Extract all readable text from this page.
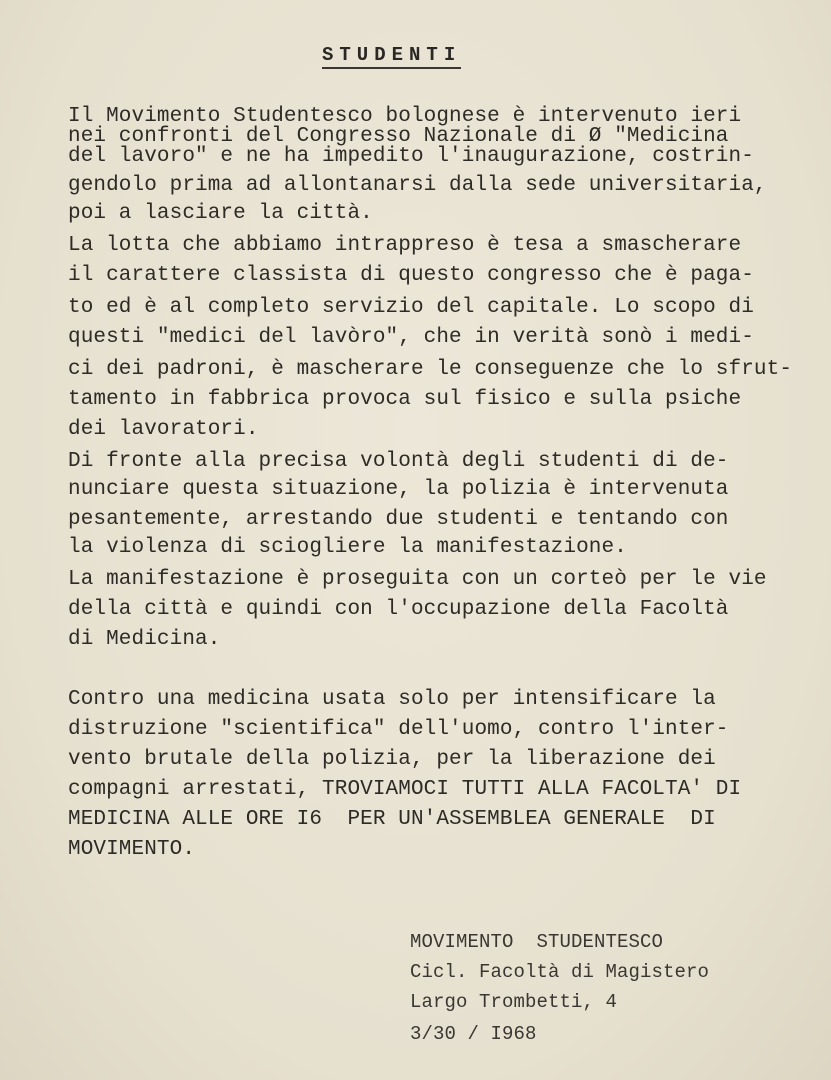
STUDENTI
Il Movimento Studentesco bolognese è intervenuto ieri
nei confronti del Congresso Nazionale di Ø "Medicina
del lavoro" e ne ha impedito l'inaugurazione, costrin-
gendolo prima ad allontanarsi dalla sede universitaria,
poi a lasciare la città.
La lotta che abbiamo intrappreso è tesa a smascherare
il carattere classista di questo congresso che è paga-
to ed è al completo servizio del capitale. Lo scopo di
questi "medici del lavòro", che in verità sonò i medi-
ci dei padroni, è mascherare le conseguenze che lo sfrut-
tamento in fabbrica provoca sul fisico e sulla psiche
dei lavoratori.
Di fronte alla precisa volontà degli studenti di de-
nunciare questa situazione, la polizia è intervenuta
pesantemente, arrestando due studenti e tentando con
la violenza di sciogliere la manifestazione.
La manifestazione è proseguita con un corteò per le vie
della città e quindi con l'occupazione della Facoltà
di Medicina.
Contro una medicina usata solo per intensificare la
distruzione "scientifica" dell'uomo, contro l'inter-
vento brutale della polizia, per la liberazione dei
compagni arrestati, TROVIAMOCI TUTTI ALLA FACOLTA' DI
MEDICINA ALLE ORE I6  PER UN'ASSEMBLEA GENERALE  DI
MOVIMENTO.
MOVIMENTO  STUDENTESCO
Cicl. Facoltà di Magistero
Largo Trombetti, 4
3/30 / I968
